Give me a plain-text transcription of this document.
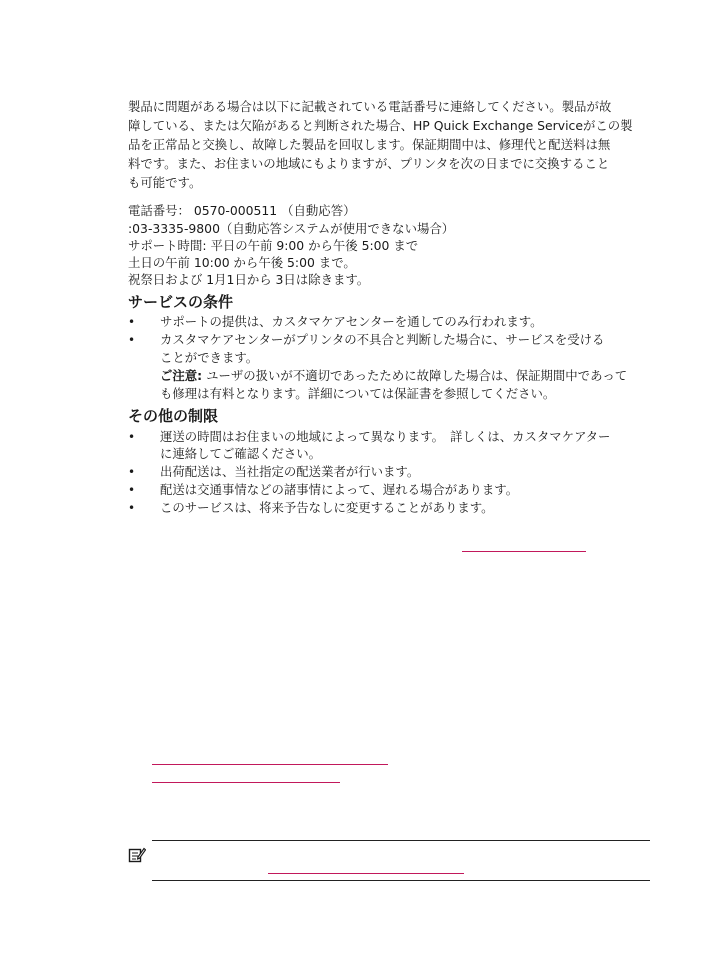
製品に問題がある場合は以下に記載されている電話番号に連絡してください。製品が故

障している、または欠陥があると判断された場合、HP Quick Exchange Serviceがこの製

品を正常品と交換し、故障した製品を回収します。保証期間中は、修理代と配送料は無

料です。また、お住まいの地域にもよりますが、プリンタを次の日までに交換すること

も可能です。

電話番号： 0570-000511 （自動応答）

:03-3335-9800（自動応答システムが使用できない場合）

サポート時間: 平日の午前 9:00 から午後 5:00 まで

土日の午前 10:00 から午後 5:00 まで。

祝祭日および 1月1日から 3日は除きます。

サービスの条件

• サポートの提供は、カスタマケアセンターを通してのみ行われます。
• カスタマケアセンターがプリンタの不具合と判断した場合に、サービスを受ける

ことができます。

ご注意: ユーザの扱いが不適切であったために故障した場合は、保証期間中であって

も修理は有料となります。詳細については保証書を参照してください。

その他の制限

• 運送の時間はお住まいの地域によって異なります。　詳しくは、カスタマケアター

に連絡してご確認ください。

• 出荷配送は、当社指定の配送業者が行います。
• 配送は交通事情などの諸事情によって、遅れる場合があります。
• このサービスは、将来予告なしに変更することがあります。
